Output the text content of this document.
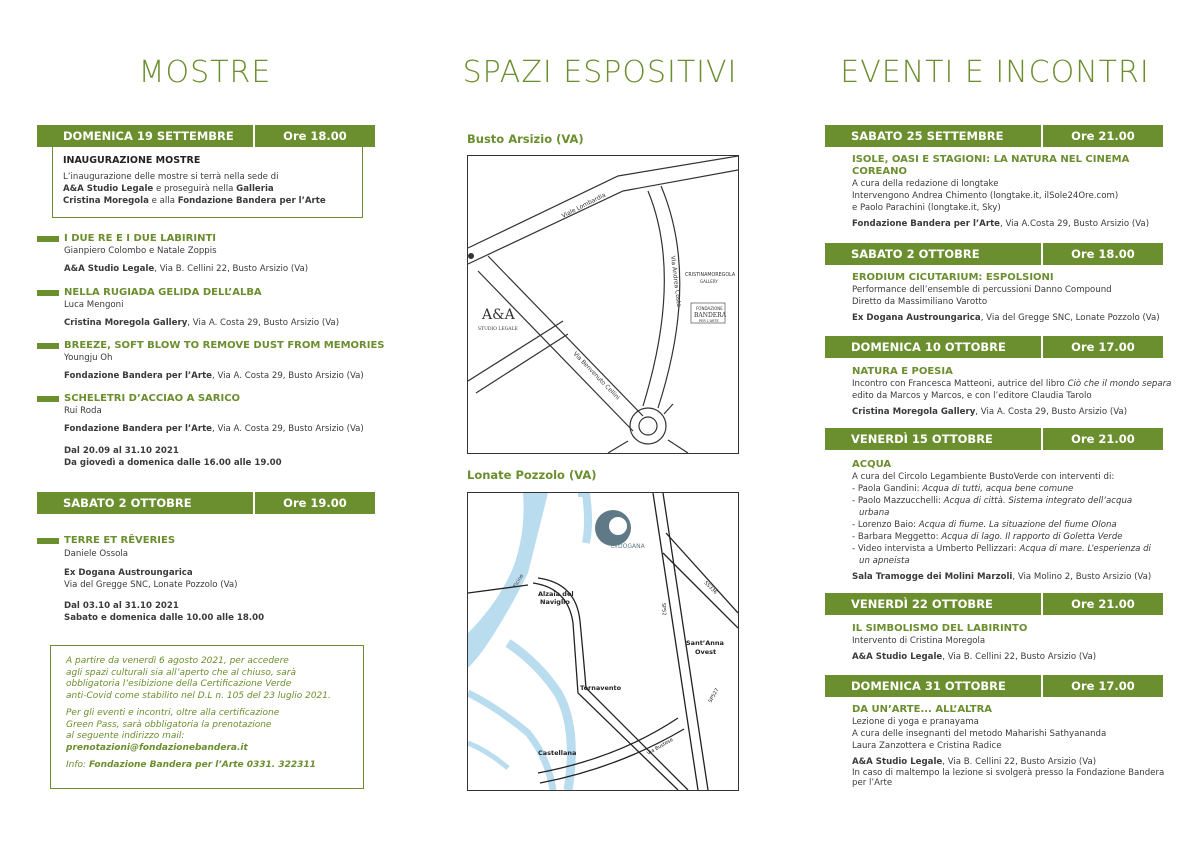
MOSTRE	SPAZI ESPOSITIVI	EVENTI E INCONTRI
DOMENICA 19 SETTEMBRE	Ore 18.00
INAUGURAZIONE MOSTRE
L’inaugurazione delle mostre si terrà nella sede di
A&A Studio Legale e proseguirà nella Galleria
Cristina Moregola e alla Fondazione Bandera per l’Arte
I DUE RE E I DUE LABIRINTI
Gianpiero Colombo e Natale Zoppis
A&A Studio Legale, Via B. Cellini 22, Busto Arsizio (Va)
NELLA RUGIADA GELIDA DELL’ALBA
Luca Mengoni
Cristina Moregola Gallery, Via A. Costa 29, Busto Arsizio (Va)
BREEZE, SOFT BLOW TO REMOVE DUST FROM MEMORIES
Youngju Oh
Fondazione Bandera per l’Arte, Via A. Costa 29, Busto Arsizio (Va)
SCHELETRI D’ACCIAO A SARICO
Rui Roda
Fondazione Bandera per l’Arte, Via A. Costa 29, Busto Arsizio (Va)
Dal 20.09 al 31.10 2021
Da giovedì a domenica dalle 16.00 alle 19.00
SABATO 2 OTTOBRE	Ore 19.00
TERRE ET RÊVERIES
Daniele Ossola
Ex Dogana Austroungarica
Via del Gregge SNC, Lonate Pozzolo (Va)
Dal 03.10 al 31.10 2021
Sabato e domenica dalle 10.00 alle 18.00
A partire da venerdì 6 agosto 2021, per accedere
agli spazi culturali sia all’aperto che al chiuso, sarà
obbligatoria l’esibizione della Certificazione Verde
anti-Covid come stabilito nel D.L n. 105 del 23 luglio 2021.
Per gli eventi e incontri, oltre alla certificazione
Green Pass, sarà obbligatoria la prenotazione
al seguente indirizzo mail:
prenotazioni@fondazionebandera.it
Info: Fondazione Bandera per l’Arte 0331. 322311
Busto Arsizio (VA)
Viale Lombardia
Via Andrea Costa
Via Benvenuto Cellini
A&A
STUDIO LEGALE
CRISTINAMOREGOLA
GALLERY
FONDAZIONE
BANDERA
PER L'ARTE
Lonate Pozzolo (VA)
EX DOGANA
Ticino
Alzaia del
Naviglio
Sant’Anna
Ovest
Tornavento
Castellana
SP52
SS336
SP527
Via Bustese
SABATO 25 SETTEMBRE	Ore 21.00
SABATO 2 OTTOBRE	Ore 18.00
DOMENICA 10 OTTOBRE	Ore 17.00
VENERDÌ 15 OTTOBRE	Ore 21.00
VENERDÌ 22 OTTOBRE	Ore 21.00
DOMENICA 31 OTTOBRE	Ore 17.00
ISOLE, OASI E STAGIONI: LA NATURA NEL CINEMA
COREANO
A cura della redazione di longtake
Intervengono Andrea Chimento (longtake.it, ilSole24Ore.com)
e Paolo Parachini (longtake.it, Sky)
Fondazione Bandera per l’Arte, Via A.Costa 29, Busto Arsizio (Va)
ERODIUM CICUTARIUM: ESPOLSIONI
Performance dell’ensemble di percussioni Danno Compound
Diretto da Massimiliano Varotto
Ex Dogana Austroungarica, Via del Gregge SNC, Lonate Pozzolo (Va)
NATURA E POESIA
Incontro con Francesca Matteoni, autrice del libro Ciò che il mondo separa
edito da Marcos y Marcos, e con l’editore Claudia Tarolo
Cristina Moregola Gallery, Via A. Costa 29, Busto Arsizio (Va)
ACQUA
A cura del Circolo Legambiente BustoVerde con interventi di:
- Paola Gandini: Acqua di tutti, acqua bene comune
- Paolo Mazzucchelli: Acqua di città. Sistema integrato dell’acqua
urbana
- Lorenzo Baio: Acqua di fiume. La situazione del fiume Olona
- Barbara Meggetto: Acqua di lago. Il rapporto di Goletta Verde
- Video intervista a Umberto Pellizzari: Acqua di mare. L’esperienza di
un apneista
Sala Tramogge dei Molini Marzoli, Via Molino 2, Busto Arsizio (Va)
IL SIMBOLISMO DEL LABIRINTO
Intervento di Cristina Moregola
A&A Studio Legale, Via B. Cellini 22, Busto Arsizio (Va)
DA UN’ARTE... ALL’ALTRA
Lezione di yoga e pranayama
A cura delle insegnanti del metodo Maharishi Sathyananda
Laura Zanzottera e Cristina Radice
A&A Studio Legale, Via B. Cellini 22, Busto Arsizio (Va)
In caso di maltempo la lezione si svolgerà presso la Fondazione Bandera
per l’Arte
